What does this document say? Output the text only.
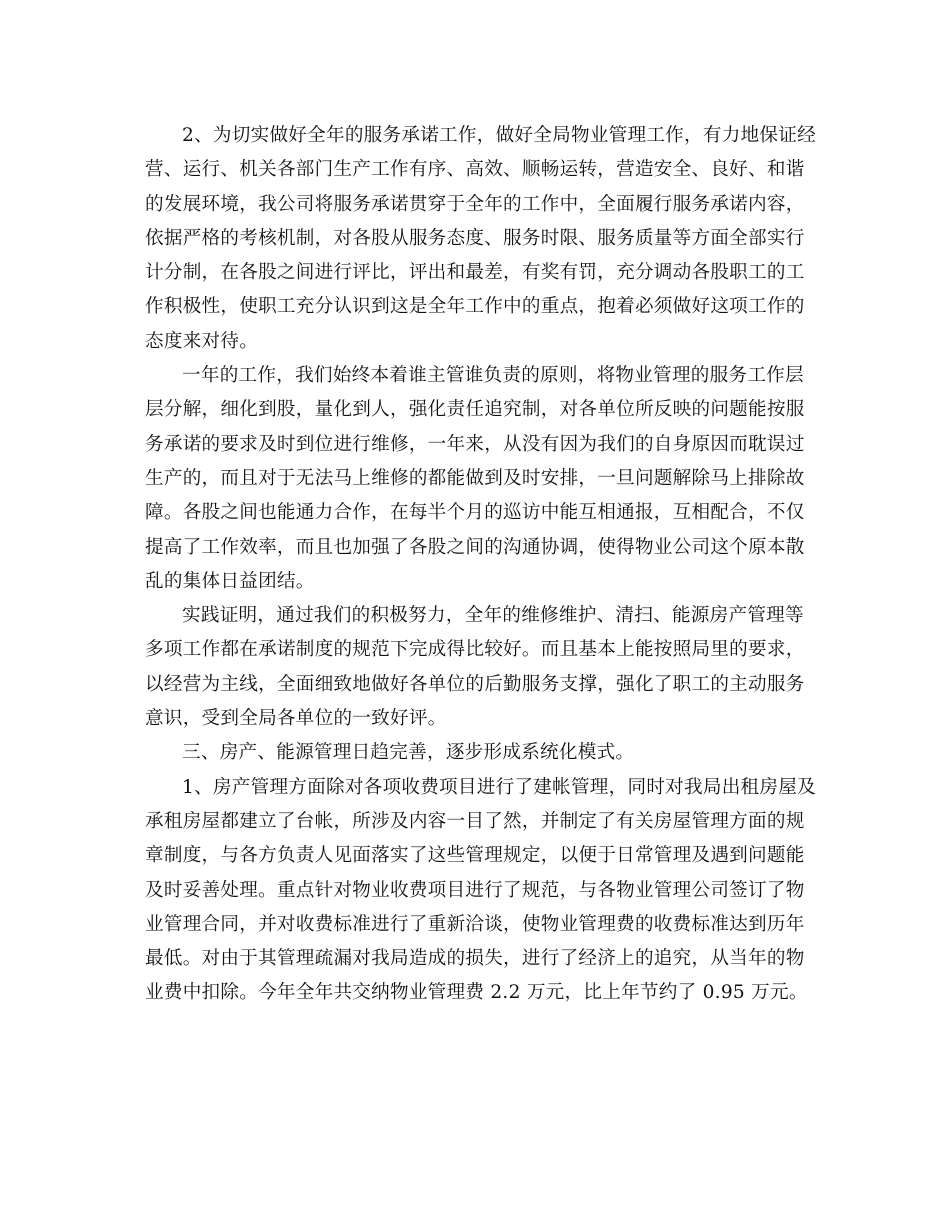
2、为切实做好全年的服务承诺工作，做好全局物业管理工作，有力地保证经
营、运行、机关各部门生产工作有序、高效、顺畅运转，营造安全、良好、和谐
的发展环境，我公司将服务承诺贯穿于全年的工作中，全面履行服务承诺内容，
依据严格的考核机制，对各股从服务态度、服务时限、服务质量等方面全部实行
计分制，在各股之间进行评比，评出和最差，有奖有罚，充分调动各股职工的工
作积极性，使职工充分认识到这是全年工作中的重点，抱着必须做好这项工作的
态度来对待。
一年的工作，我们始终本着谁主管谁负责的原则，将物业管理的服务工作层
层分解，细化到股，量化到人，强化责任追究制，对各单位所反映的问题能按服
务承诺的要求及时到位进行维修，一年来，从没有因为我们的自身原因而耽误过
生产的，而且对于无法马上维修的都能做到及时安排，一旦问题解除马上排除故
障。各股之间也能通力合作，在每半个月的巡访中能互相通报，互相配合，不仅
提高了工作效率，而且也加强了各股之间的沟通协调，使得物业公司这个原本散
乱的集体日益团结。
实践证明，通过我们的积极努力，全年的维修维护、清扫、能源房产管理等
多项工作都在承诺制度的规范下完成得比较好。而且基本上能按照局里的要求，
以经营为主线，全面细致地做好各单位的后勤服务支撑，强化了职工的主动服务
意识，受到全局各单位的一致好评。
三、房产、能源管理日趋完善，逐步形成系统化模式。
1、房产管理方面除对各项收费项目进行了建帐管理，同时对我局出租房屋及
承租房屋都建立了台帐，所涉及内容一目了然，并制定了有关房屋管理方面的规
章制度，与各方负责人见面落实了这些管理规定，以便于日常管理及遇到问题能
及时妥善处理。重点针对物业收费项目进行了规范，与各物业管理公司签订了物
业管理合同，并对收费标准进行了重新洽谈，使物业管理费的收费标准达到历年
最低。对由于其管理疏漏对我局造成的损失，进行了经济上的追究，从当年的物
业费中扣除。今年全年共交纳物业管理费 2.2 万元，比上年节约了 0.95 万元。
